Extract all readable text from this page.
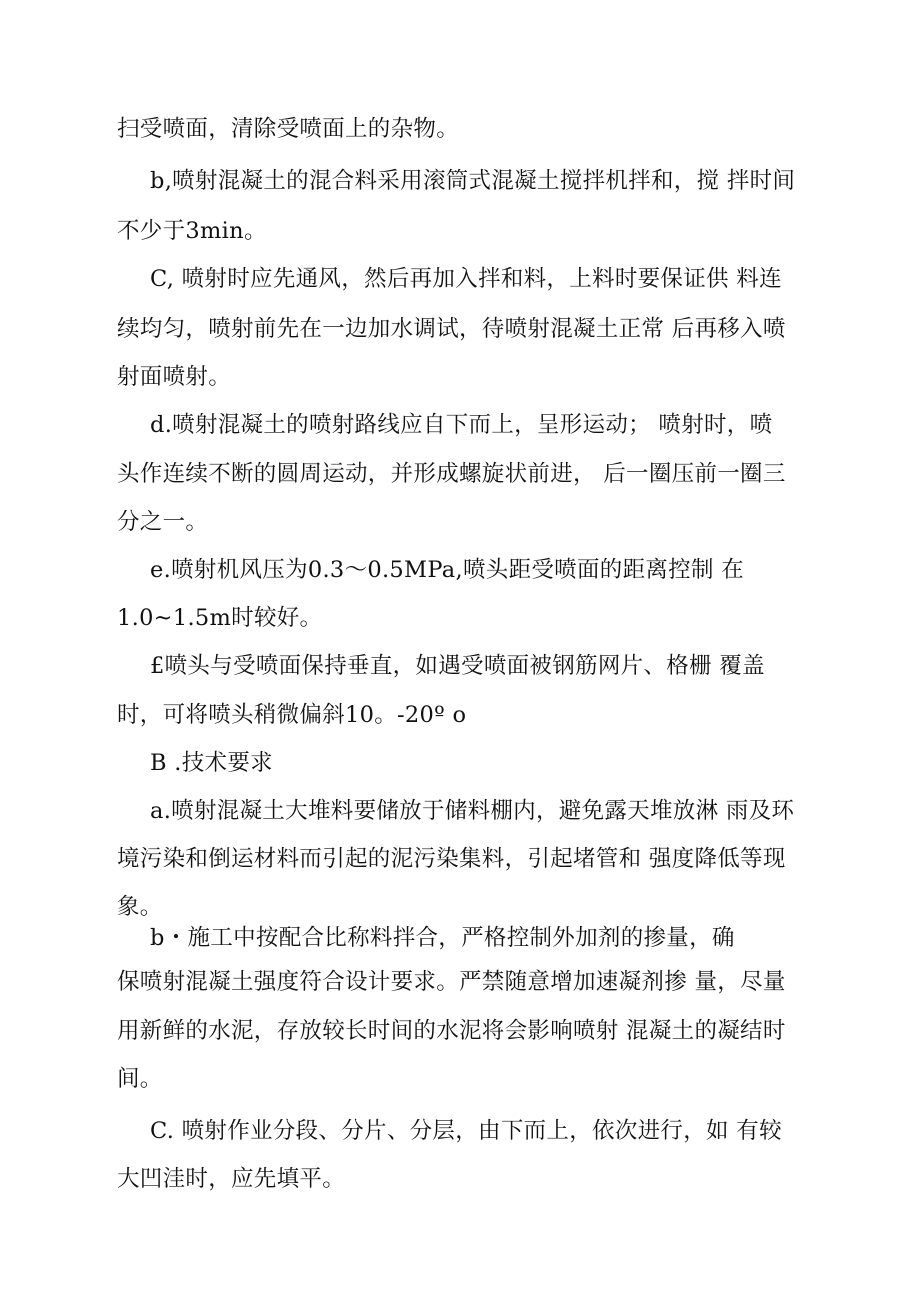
扫受喷面，清除受喷面上的杂物。
b,喷射混凝土的混合料采用滚筒式混凝土搅拌机拌和，搅 拌时间
不少于3min。
C, 喷射时应先通风，然后再加入拌和料，上料时要保证供 料连
续均匀，喷射前先在一边加水调试，待喷射混凝土正常 后再移入喷
射面喷射。
d.喷射混凝土的喷射路线应自下而上，呈形运动； 喷射时，喷
头作连续不断的圆周运动，并形成螺旋状前进， 后一圈压前一圈三
分之一。
e.喷射机风压为0.3～0.5MPa,喷头距受喷面的距离控制 在
1.0~1.5m时较好。
£喷头与受喷面保持垂直，如遇受喷面被钢筋网片、格栅 覆盖
时，可将喷头稍微偏斜10。-20º o
B .技术要求
a.喷射混凝土大堆料要储放于储料棚内，避免露天堆放淋 雨及环
境污染和倒运材料而引起的泥污染集料，引起堵管和 强度降低等现
象。
b・施工中按配合比称料拌合，严格控制外加剂的掺量，确
保喷射混凝土强度符合设计要求。严禁随意增加速凝剂掺 量，尽量
用新鲜的水泥，存放较长时间的水泥将会影响喷射 混凝土的凝结时
间。
C. 喷射作业分段、分片、分层，由下而上，依次进行，如 有较
大凹洼时，应先填平。
